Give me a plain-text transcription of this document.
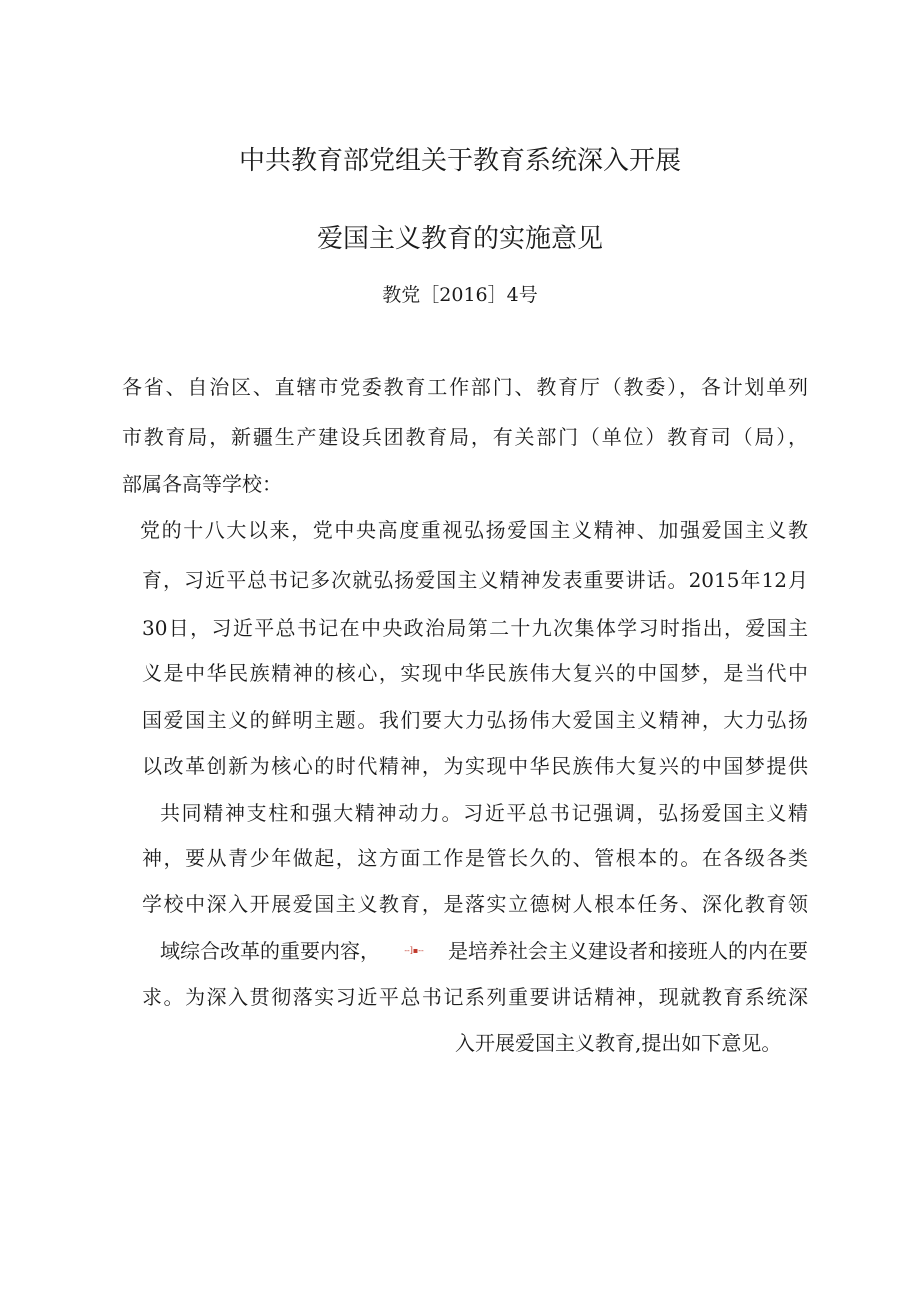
中共教育部党组关于教育系统深入开展
爱国主义教育的实施意见
教党［2016］4号
各省、自治区、直辖市党委教育工作部门、教育厅（教委），各计划单列
市教育局，新疆生产建设兵团教育局，有关部门（单位）教育司（局），
部属各高等学校：
党的十八大以来，党中央高度重视弘扬爱国主义精神、加强爱国主义教
育，习近平总书记多次就弘扬爱国主义精神发表重要讲话。2015年12月
30日，习近平总书记在中央政治局第二十九次集体学习时指出，爱国主
义是中华民族精神的核心，实现中华民族伟大复兴的中国梦，是当代中
国爱国主义的鲜明主题。我们要大力弘扬伟大爱国主义精神，大力弘扬
以改革创新为核心的时代精神，为实现中华民族伟大复兴的中国梦提供
共同精神支柱和强大精神动力。习近平总书记强调，弘扬爱国主义精
神，要从青少年做起，这方面工作是管长久的、管根本的。在各级各类
学校中深入开展爱国主义教育，是落实立德树人根本任务、深化教育领
域综合改革的重要内容，	--]▪-- 是培养社会主义建设者和接班人的内在要
求。为深入贯彻落实习近平总书记系列重要讲话精神，现就教育系统深
入开展爱国主义教育,提出如下意见。
